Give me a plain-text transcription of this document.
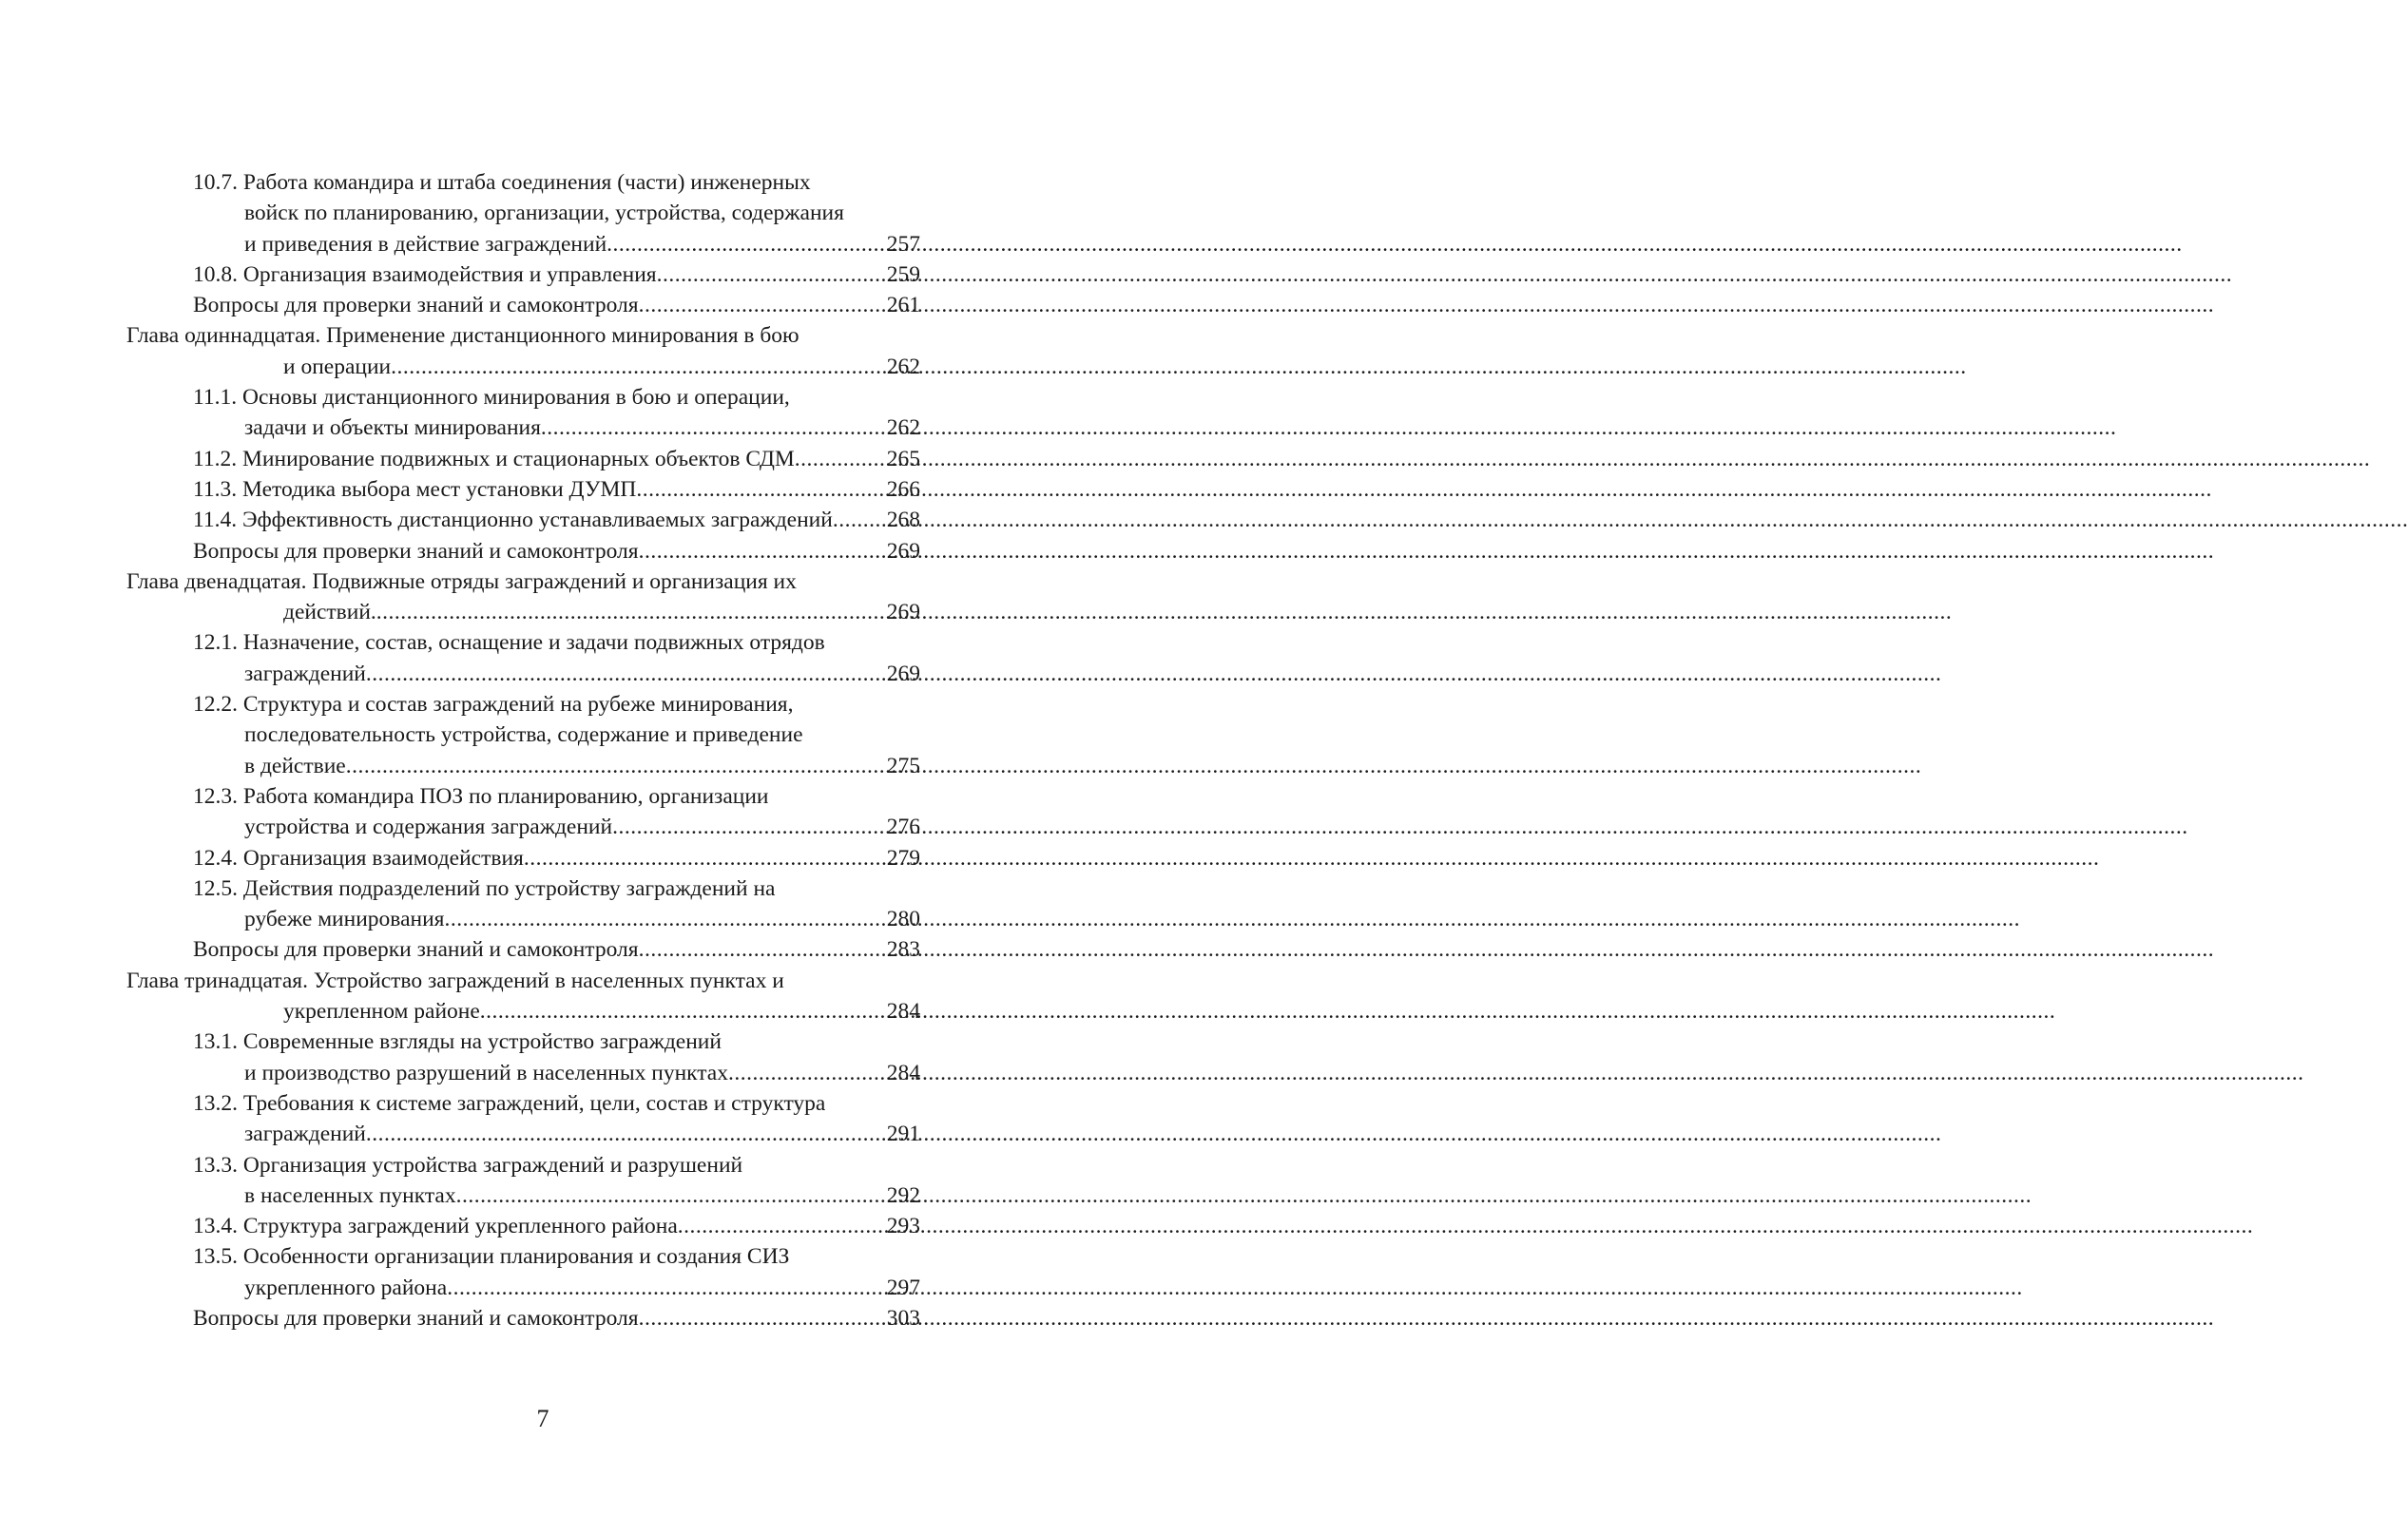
10.7. Работа командира и штаба соединения (части) инженерных
войск по планированию, организации, устройства, содержания
и приведения в действие заграждений .....	257
10.8. Организация взаимодействия и управления .....	259
Вопросы для проверки знаний и самоконтроля .....	261
Глава одиннадцатая. Применение дистанционного минирования в бою
и операции .....	262
11.1. Основы дистанционного минирования в бою и операции,
задачи и объекты минирования .....	262
11.2. Минирование подвижных и стационарных объектов СДМ .....	265
11.3. Методика выбора мест установки ДУМП .....	266
11.4. Эффективность дистанционно устанавливаемых заграждений ..... 268
Вопросы для проверки знаний и самоконтроля .....	269
Глава двенадцатая. Подвижные отряды заграждений и организация их
действий. .....	269
12.1. Назначение, состав, оснащение и задачи подвижных отрядов
заграждений .....	269
12.2. Структура и состав заграждений на рубеже минирования,
последовательность устройства, содержание и приведение
в действие .....	275
12.3. Работа командира ПОЗ по планированию, организации
устройства и содержания заграждений .....	276
12.4. Организация взаимодействия .....	279
12.5. Действия подразделений по устройству заграждений на
рубеже минирования .....	280
Вопросы для проверки знаний и самоконтроля .....	283
Глава тринадцатая. Устройство заграждений в населенных пунктах и
укрепленном районе .....	284
13.1. Современные взгляды на устройство заграждений
и производство разрушений в населенных пунктах .....	284
13.2. Требования к системе заграждений, цели, состав и структура
заграждений .....	291
13.3. Организация устройства заграждений и разрушений
в населенных пунктах .....	292
13.4. Структура заграждений укрепленного района .....	293
13.5. Особенности организации планирования и создания СИЗ
укрепленного района .....	297
Вопросы для проверки знаний и самоконтроля .....	303
7
